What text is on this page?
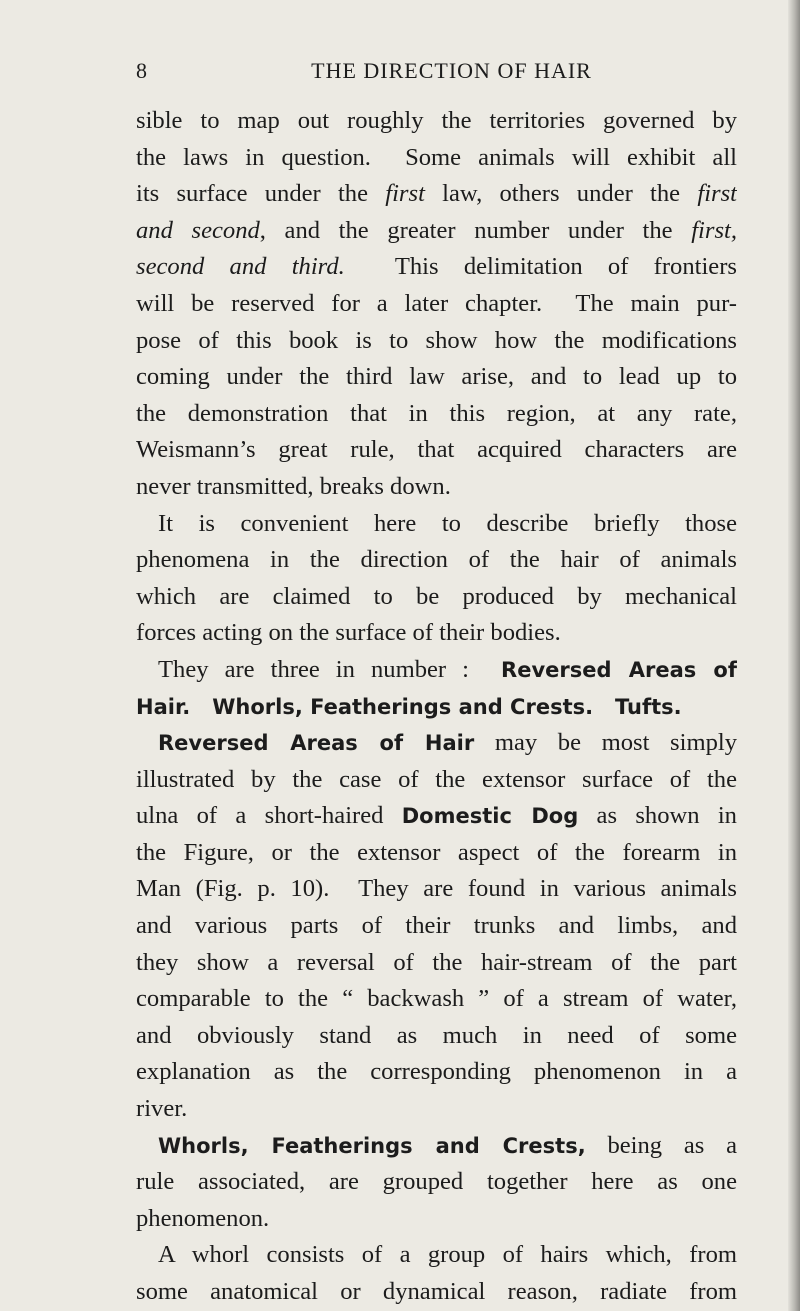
8	THE DIRECTION OF HAIR
sible to map out roughly the territories governed by
the laws in question.  Some animals will exhibit all
its surface under the first law, others under the first
and second, and the greater number under the first,
second and third.  This delimitation of frontiers
will be reserved for a later chapter.  The main pur-
pose of this book is to show how the modifications
coming under the third law arise, and to lead up to
the demonstration that in this region, at any rate,
Weismann’s great rule, that acquired characters are
never transmitted, breaks down.
It is convenient here to describe briefly those
phenomena in the direction of the hair of animals
which are claimed to be produced by mechanical
forces acting on the surface of their bodies.
They are three in number :  Reversed Areas of
Hair.   Whorls, Featherings and Crests.   Tufts.
Reversed Areas of Hair may be most simply
illustrated by the case of the extensor surface of the
ulna of a short-haired Domestic Dog as shown in
the Figure, or the extensor aspect of the forearm in
Man (Fig. p. 10).  They are found in various animals
and various parts of their trunks and limbs, and
they show a reversal of the hair-stream of the part
comparable to the “ backwash ” of a stream of water,
and obviously stand as much in need of some
explanation as the corresponding phenomenon in a
river.
Whorls, Featherings and Crests, being as a
rule associated, are grouped together here as one
phenomenon.
A whorl consists of a group of hairs which, from
some anatomical or dynamical reason, radiate from
